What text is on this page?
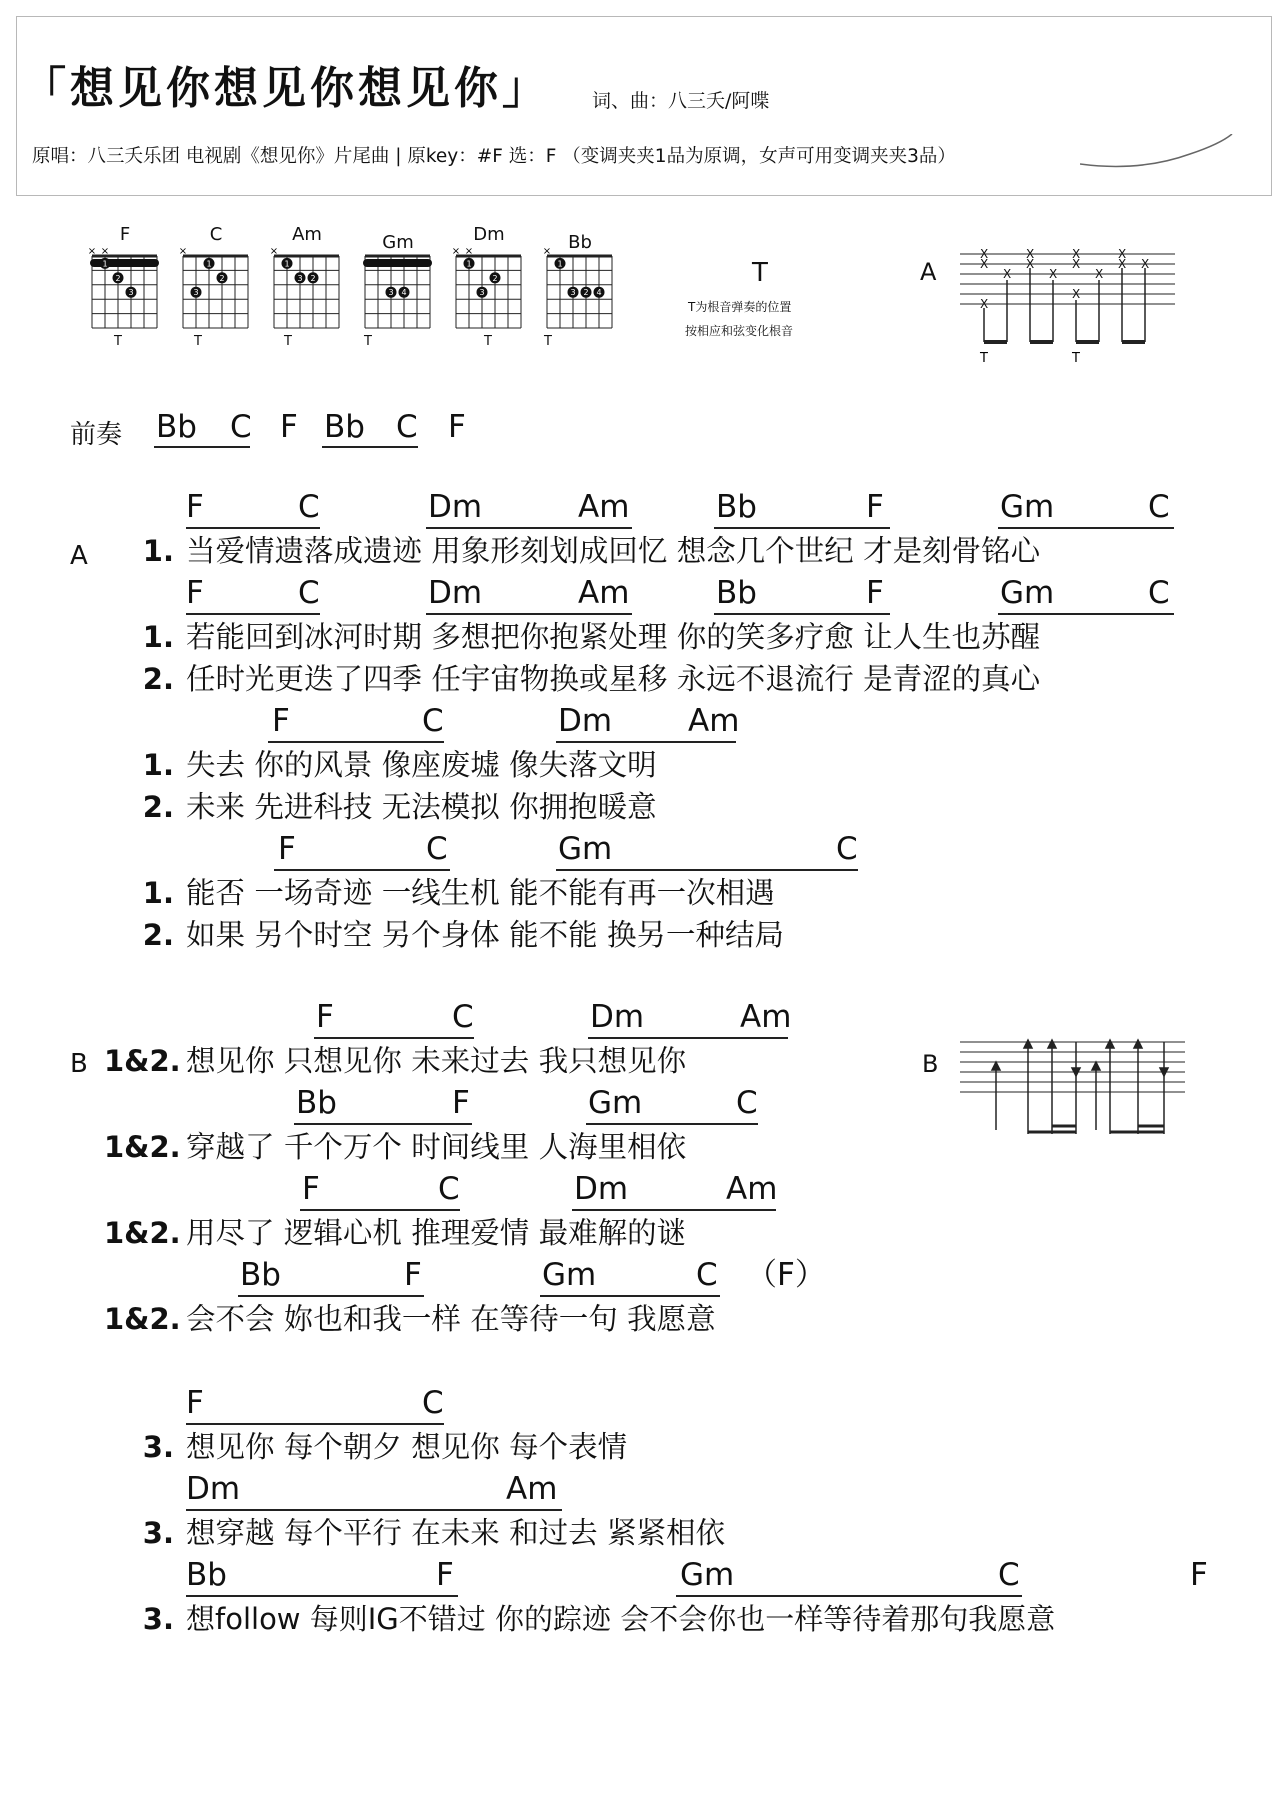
「想见你想见你想见你」 词、曲：八三夭/阿喋
原唱：八三夭乐团 电视剧《想见你》片尾曲 | 原key：#F 选：F （变调夹夹1品为原调，女声可用变调夹夹3品）
F	C	Am	Gm	Dm	Bb
1
2
3
× ×
1
2
3
×
1
2
3
×
3 4
1
2
3
× ×
1
2
3	4
×
T	T	T	T	T	T
T
T为根音弹奏的位置
按相应和弦变化根音
A
X
X
X
X
X
X
X
X
X
X
X X
X
X
T	T
B
前奏 Bb C F Bb C F
A
B
F	C	Dm	Am	Bb	F	Gm	C
1. 当爱情遗落成遗迹 用象形刻划成回忆 想念几个世纪 才是刻骨铭心
F	C	Dm	Am	Bb	F	Gm	C
1. 若能回到冰河时期 多想把你抱紧处理 你的笑多疗愈 让人生也苏醒
2. 任时光更迭了四季 任宇宙物换或星移 永远不退流行 是青涩的真心
F	C	Dm Am
1. 失去 你的风景 像座废墟 像失落文明
2. 未来 先进科技 无法模拟 你拥抱暖意
F	C	Gm	C
1. 能否 一场奇迹 一线生机 能不能有再一次相遇
2. 如果 另个时空 另个身体 能不能 换另一种结局
F	C	Dm	Am
1&2. 想见你 只想见你 未来过去 我只想见你
Bb	F	Gm	C
1&2. 穿越了 千个万个 时间线里 人海里相依
F	C	Dm	Am
1&2. 用尽了 逻辑心机 推理爱情 最难解的谜
Bb	F	Gm	C （F）
1&2. 会不会 妳也和我一样 在等待一句 我愿意
F	C
3. 想见你 每个朝夕 想见你 每个表情
Dm	Am
3. 想穿越 每个平行 在未来 和过去 紧紧相依
Bb	F	Gm	C	F
3. 想follow 每则IG不错过 你的踪迹 会不会你也一样等待着那句我愿意
